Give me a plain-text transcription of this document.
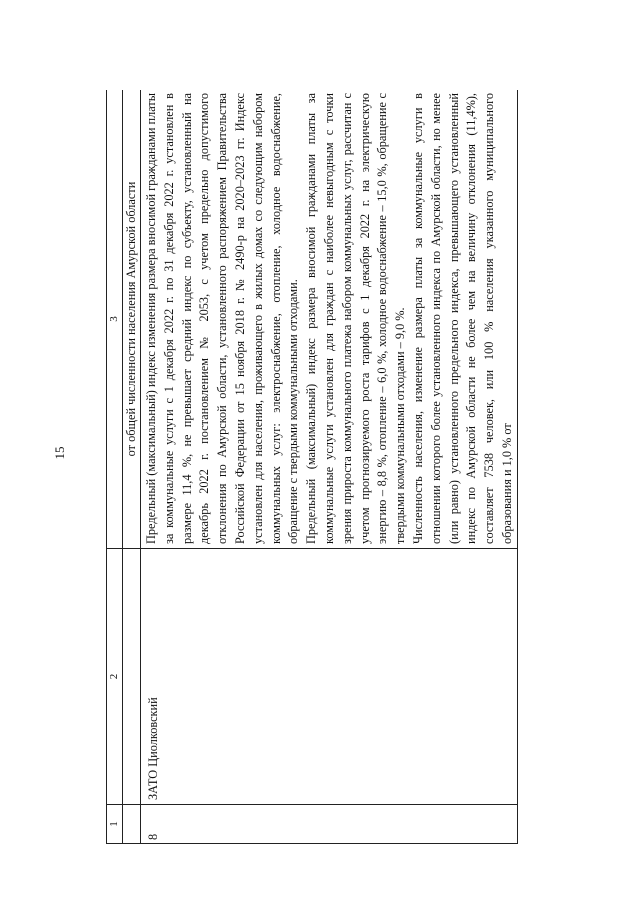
15
1	2	3
		от общей численности населения Амурской области
8	ЗАТО Циолковский	Предельный (максимальный) индекс изменения размера вносимой гражданами платы за коммунальные услуги с 1 декабря 2022 г. по 31 декабря 2022 г. установлен в размере 11,4 %, не превышает средний индекс по субъекту, установленный на декабрь 2022 г. постановлением № 2053, с учетом предельно допустимого отклонения по Амурской области, установленного распоряжением Правительства Российской Федерации от 15 ноября 2018 г. № 2490-р на 2020–2023 гг. Индекс установлен для населения, проживающего в жилых домах со следующим набором коммунальных услуг: электроснабжение, отопление, холодное водоснабжение, обращение с твердыми коммунальными отходами. Предельный (максимальный) индекс размера вносимой гражданами платы за коммунальные услуги установлен для граждан с наиболее невыгодным с точки зрения прироста коммунального платежа набором коммунальных услуг, рассчитан с учетом прогнозируемого роста тарифов с 1 декабря 2022 г. на электрическую энергию – 8,8 %, отопление – 6,0 %, холодное водоснабжение – 15,0 %, обращение с твердыми коммунальными отходами – 9,0 %. Численность населения, изменение размера платы за коммунальные услуги в отношении которого более установленного индекса по Амурской области, но менее (или равно) установленного предельного индекса, превышающего установленный индекс по Амурской области не более чем на величину отклонения (11,4%), составляет 7538 человек, или 100 % населения указанного муниципального образования и 1,0 % от
